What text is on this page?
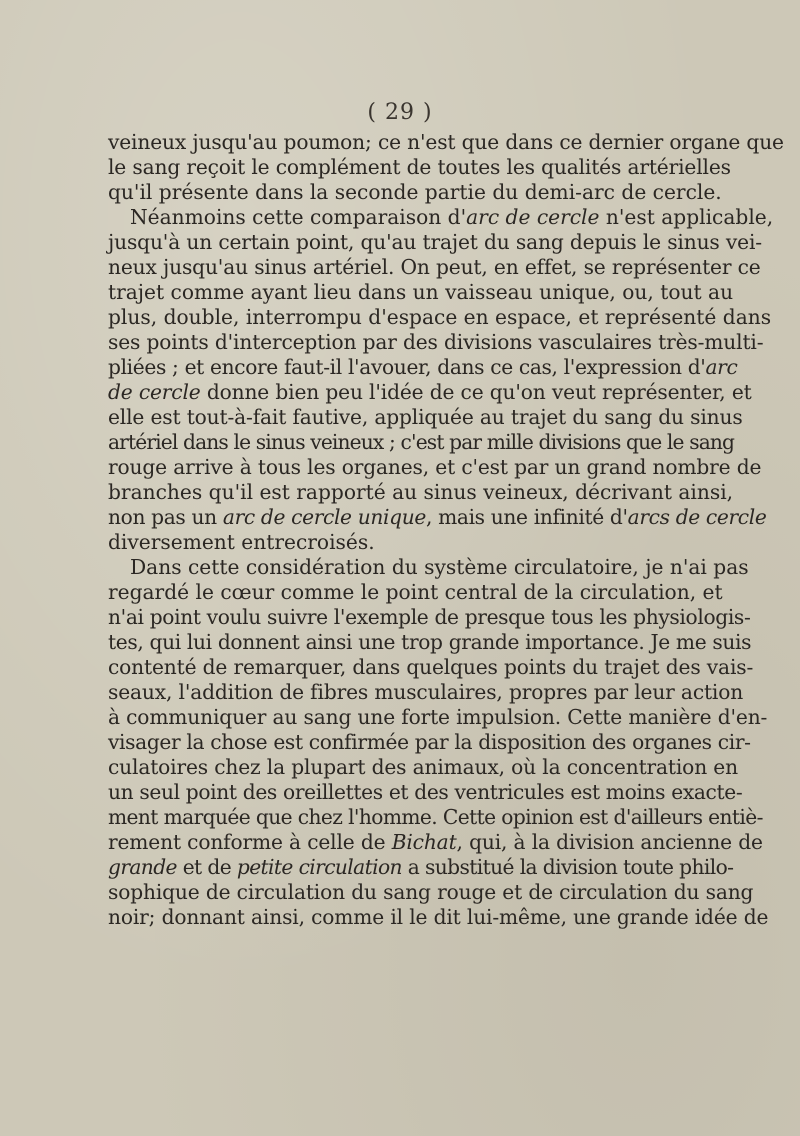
( 29 )
veineux jusqu'au poumon; ce n'est que dans ce dernier organe que
le sang reçoit le complément de toutes les qualités artérielles
qu'il présente dans la seconde partie du demi-arc de cercle.
Néanmoins cette comparaison d'arc de cercle n'est applicable,
jusqu'à un certain point, qu'au trajet du sang depuis le sinus vei-
neux jusqu'au sinus artériel. On peut, en effet, se représenter ce
trajet comme ayant lieu dans un vaisseau unique, ou, tout au
plus, double, interrompu d'espace en espace, et représenté dans
ses points d'interception par des divisions vasculaires très-multi-
pliées ; et encore faut-il l'avouer, dans ce cas, l'expression d'arc
de cercle donne bien peu l'idée de ce qu'on veut représenter, et
elle est tout-à-fait fautive, appliquée au trajet du sang du sinus
artériel dans le sinus veineux ; c'est par mille divisions que le sang
rouge arrive à tous les organes, et c'est par un grand nombre de
branches qu'il est rapporté au sinus veineux, décrivant ainsi,
non pas un arc de cercle unique, mais une infinité d'arcs de cercle
diversement entrecroisés.
Dans cette considération du système circulatoire, je n'ai pas
regardé le cœur comme le point central de la circulation, et
n'ai point voulu suivre l'exemple de presque tous les physiologis-
tes, qui lui donnent ainsi une trop grande importance. Je me suis
contenté de remarquer, dans quelques points du trajet des vais-
seaux, l'addition de fibres musculaires, propres par leur action
à communiquer au sang une forte impulsion. Cette manière d'en-
visager la chose est confirmée par la disposition des organes cir-
culatoires chez la plupart des animaux, où la concentration en
un seul point des oreillettes et des ventricules est moins exacte-
ment marquée que chez l'homme. Cette opinion est d'ailleurs entiè-
rement conforme à celle de Bichat, qui, à la division ancienne de
grande et de petite circulation a substitué la division toute philo-
sophique de circulation du sang rouge et de circulation du sang
noir; donnant ainsi, comme il le dit lui-même, une grande idée de
